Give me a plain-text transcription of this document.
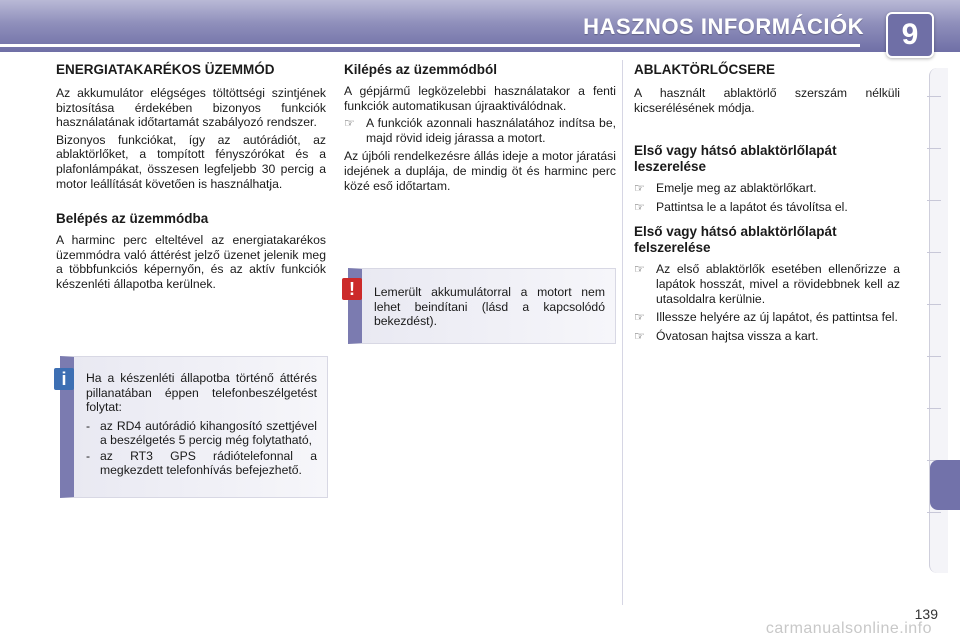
HASZNOS INFORMÁCIÓK	9
ENERGIATAKARÉKOS ÜZEMMÓD

Az akkumulátor elégséges töltöttségi szintjének biztosítása érdekében bizonyos funkciók használatának időtartamát szabályozó rendszer.

Bizonyos funkciókat, így az autórádiót, az ablaktörlőket, a tompított fényszórókat és a plafonlámpákat, összesen legfeljebb 30 percig a motor leállítását követően is használhatja.

Belépés az üzemmódba

A harminc perc elteltével az energiatakarékos üzemmódra való áttérést jelző üzenet jelenik meg a többfunkciós képernyőn, és az aktív funkciók készenléti állapotba kerülnek.

Ha a készenléti állapotba történő áttérés pillanatában éppen telefonbeszélgetést folytat:

- az RD4 autórádió kihangosító szettjével a beszélgetés 5 percig még folytatható,
- az RT3 GPS rádiótelefonnal a megkezdett telefonhívás befejezhető.
i
Kilépés az üzemmódból

A gépjármű legközelebbi használatakor a fenti funkciók automatikusan újraaktiválódnak.

☞ A funkciók azonnali használatához indítsa be, majd rövid ideig járassa a motort.

Az újbóli rendelkezésre állás ideje a motor járatási idejének a duplája, de mindig öt és harminc perc közé eső időtartam.

Lemerült akkumulátorral a motort nem lehet beindítani (lásd a kapcsolódó bekezdést).

!
ABLAKTÖRLŐCSERE

A használt ablaktörlő szerszám nélküli kicserélésének módja.

Első vagy hátsó ablaktörlőlapát leszerelése
☞ Emelje meg az ablaktörlőkart.
☞ Pattintsa le a lapátot és távolítsa el.
Első vagy hátsó ablaktörlőlapát felszerelése
☞ Az első ablaktörlők esetében ellenőrizze a lapátok hosszát, mivel a rövidebbnek kell az utasoldalra kerülnie.
☞ Illessze helyére az új lapátot, és pattintsa fel.
☞ Óvatosan hajtsa vissza a kart.
139
carmanualsonline.info
